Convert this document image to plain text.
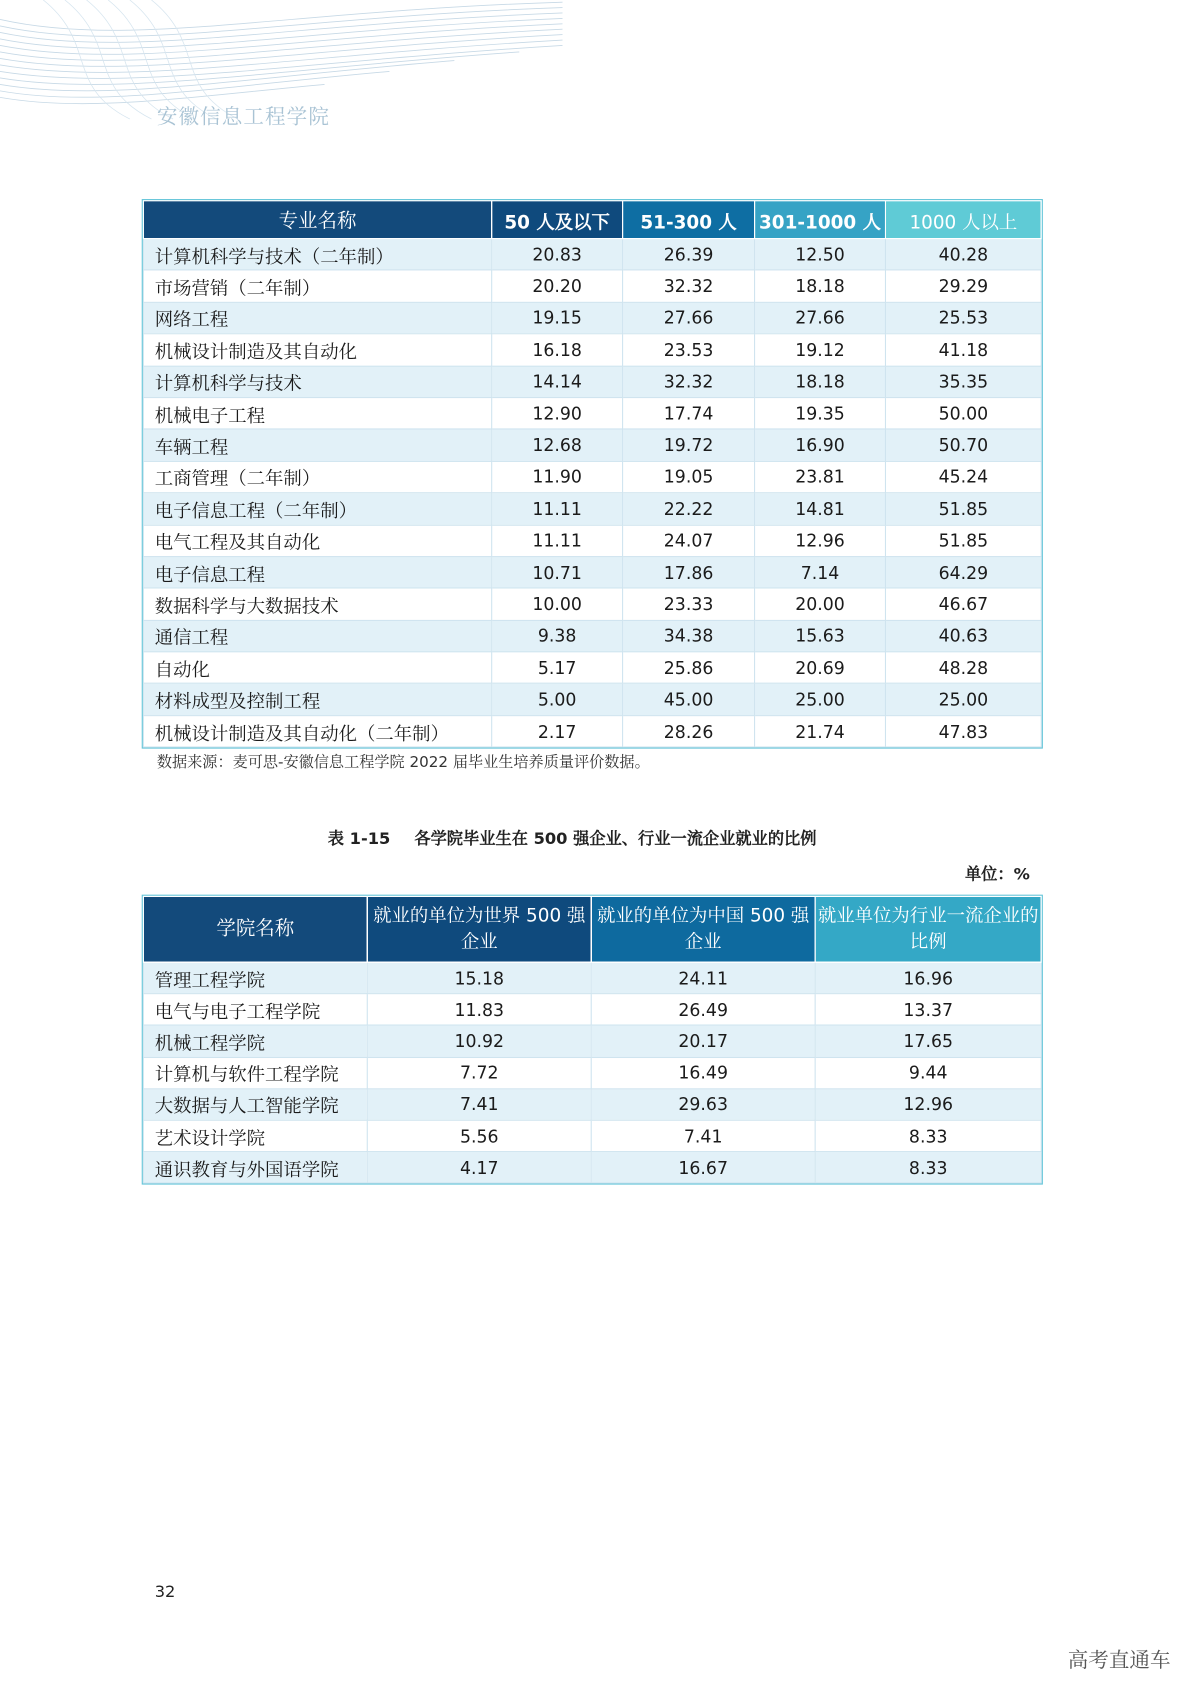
安徽信息工程学院
专业名称	50 人及以下	51-300 人	301-1000 人	1000 人以上
计算机科学与技术（二年制）	20.83	26.39	12.50	40.28
市场营销（二年制）	20.20	32.32	18.18	29.29
网络工程	19.15	27.66	27.66	25.53
机械设计制造及其自动化	16.18	23.53	19.12	41.18
计算机科学与技术	14.14	32.32	18.18	35.35
机械电子工程	12.90	17.74	19.35	50.00
车辆工程	12.68	19.72	16.90	50.70
工商管理（二年制）	11.90	19.05	23.81	45.24
电子信息工程（二年制）	11.11	22.22	14.81	51.85
电气工程及其自动化	11.11	24.07	12.96	51.85
电子信息工程	10.71	17.86	7.14	64.29
数据科学与大数据技术	10.00	23.33	20.00	46.67
通信工程	9.38	34.38	15.63	40.63
自动化	5.17	25.86	20.69	48.28
材料成型及控制工程	5.00	45.00	25.00	25.00
机械设计制造及其自动化（二年制）	2.17	28.26	21.74	47.83
数据来源：麦可思-安徽信息工程学院 2022 届毕业生培养质量评价数据。
表 1-15 各学院毕业生在 500 强企业、行业一流企业就业的比例
单位：%
学院名称	就业的单位为世界 500 强企业	就业的单位为中国 500 强企业	就业单位为行业一流企业的比例
管理工程学院	15.18	24.11	16.96
电气与电子工程学院	11.83	26.49	13.37
机械工程学院	10.92	20.17	17.65
计算机与软件工程学院	7.72	16.49	9.44
大数据与人工智能学院	7.41	29.63	12.96
艺术设计学院	5.56	7.41	8.33
通识教育与外国语学院	4.17	16.67	8.33
32
高考直通车
